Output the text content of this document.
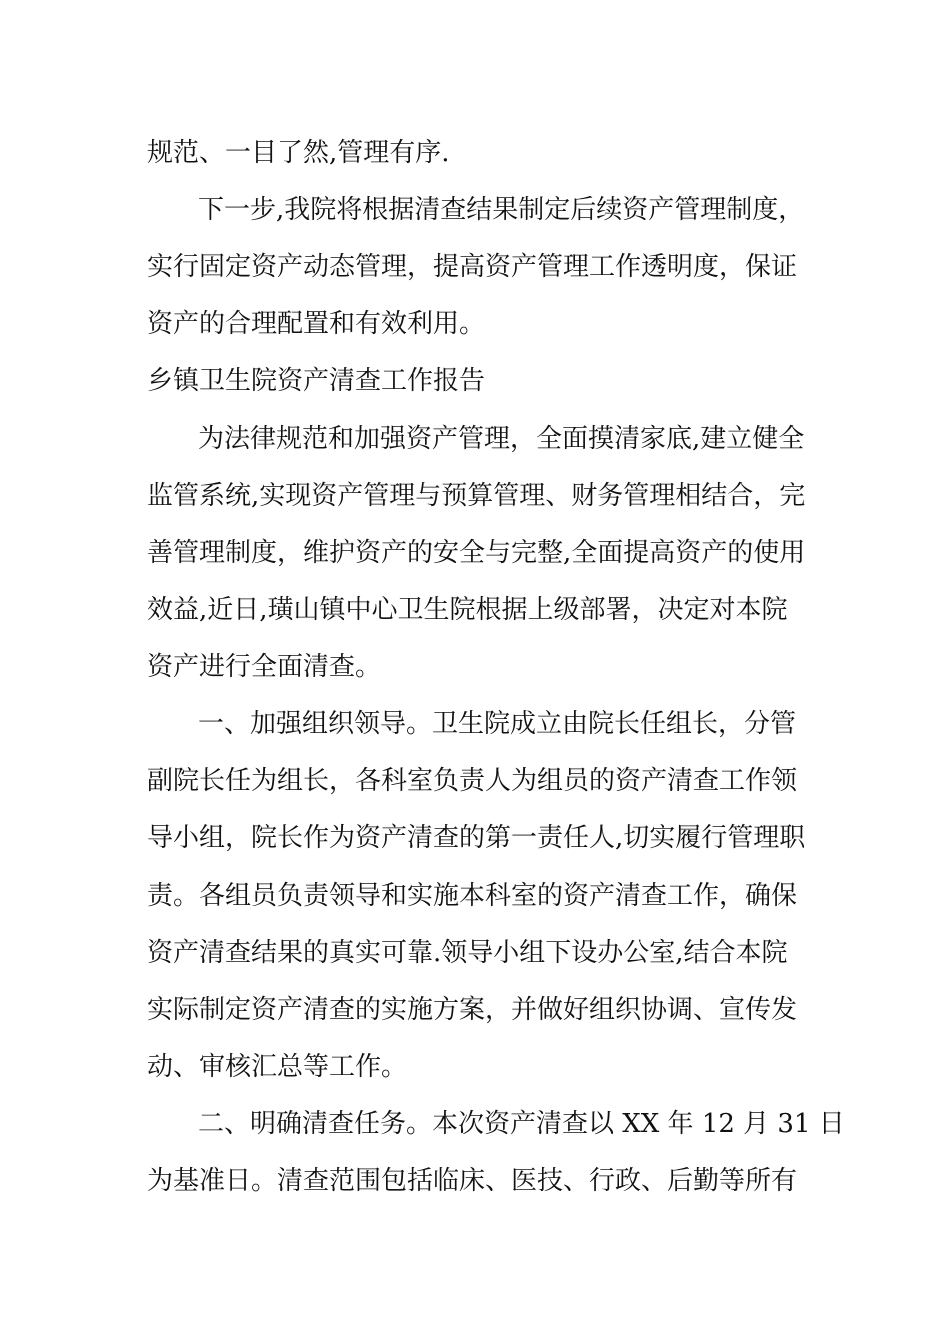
规范、一目了然,管理有序.
下一步,我院将根据清查结果制定后续资产管理制度，
实行固定资产动态管理，提高资产管理工作透明度，保证
资产的合理配置和有效利用。
乡镇卫生院资产清查工作报告
为法律规范和加强资产管理，全面摸清家底,建立健全
监管系统,实现资产管理与预算管理、财务管理相结合，完
善管理制度，维护资产的安全与完整,全面提高资产的使用
效益,近日,璜山镇中心卫生院根据上级部署，决定对本院
资产进行全面清查。
一、加强组织领导。卫生院成立由院长任组长，分管
副院长任为组长，各科室负责人为组员的资产清查工作领
导小组，院长作为资产清查的第一责任人,切实履行管理职
责。各组员负责领导和实施本科室的资产清查工作，确保
资产清查结果的真实可靠.领导小组下设办公室,结合本院
实际制定资产清查的实施方案，并做好组织协调、宣传发
动、审核汇总等工作。
二、明确清查任务。本次资产清查以 XX 年 12 月 31 日
为基准日。清查范围包括临床、医技、行政、后勤等所有
